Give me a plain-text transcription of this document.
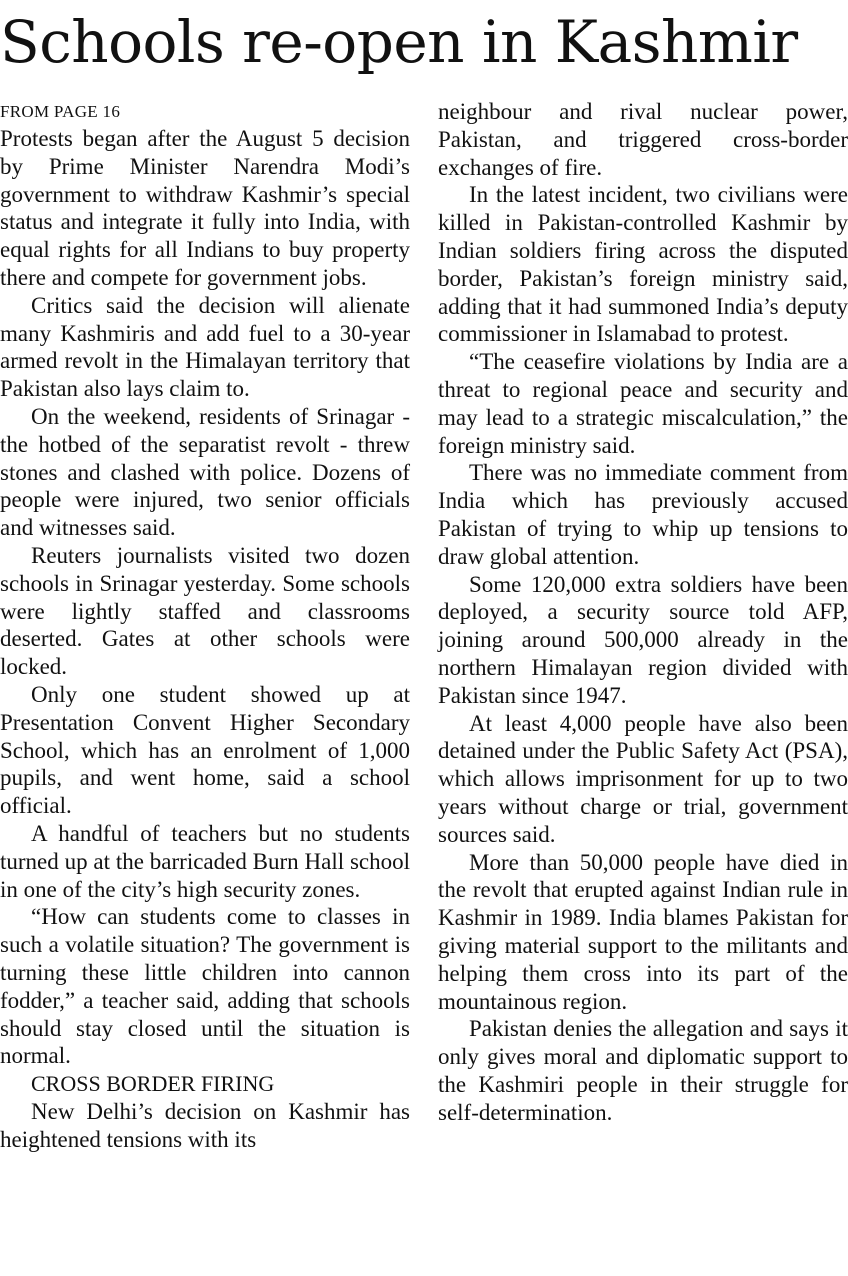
Schools re-open in Kashmir
FROM PAGE 16

Protests began after the August 5 decision by Prime Minister Narendra Modi’s government to withdraw Kashmir’s special status and integrate it fully into India, with equal rights for all Indians to buy property there and compete for government jobs.

Critics said the decision will alienate many Kashmiris and add fuel to a 30-year armed revolt in the Himalayan territory that Pakistan also lays claim to.

On the weekend, residents of Srinagar - the hotbed of the separatist revolt - threw stones and clashed with police. Dozens of people were injured, two senior officials and witnesses said.

Reuters journalists visited two dozen schools in Srinagar yesterday. Some schools were lightly staffed and classrooms deserted. Gates at other schools were locked.

Only one student showed up at Presentation Convent Higher Secondary School, which has an enrolment of 1,000 pupils, and went home, said a school official.

A handful of teachers but no students turned up at the barricaded Burn Hall school in one of the city’s high security zones.

“How can students come to classes in such a volatile situation? The government is turning these little children into cannon fodder,” a teacher said, adding that schools should stay closed until the situation is normal.

CROSS BORDER FIRING

New Delhi’s decision on Kashmir has heightened tensions with its

neighbour and rival nuclear power, Pakistan, and triggered cross-border exchanges of fire.

In the latest incident, two civilians were killed in Pakistan-controlled Kashmir by Indian soldiers firing across the disputed border, Pakistan’s foreign ministry said, adding that it had summoned India’s deputy commissioner in Islamabad to protest.

“The ceasefire violations by India are a threat to regional peace and security and may lead to a strategic miscalculation,” the foreign ministry said.

There was no immediate comment from India which has previously accused Pakistan of trying to whip up tensions to draw global attention.

Some 120,000 extra soldiers have been deployed, a security source told AFP, joining around 500,000 already in the northern Himalayan region divided with Pakistan since 1947.

At least 4,000 people have also been detained under the Public Safety Act (PSA), which allows imprisonment for up to two years without charge or trial, government sources said.

More than 50,000 people have died in the revolt that erupted against Indian rule in Kashmir in 1989. India blames Pakistan for giving material support to the militants and helping them cross into its part of the mountainous region.

Pakistan denies the allegation and says it only gives moral and diplomatic support to the Kashmiri people in their struggle for self-determination.
